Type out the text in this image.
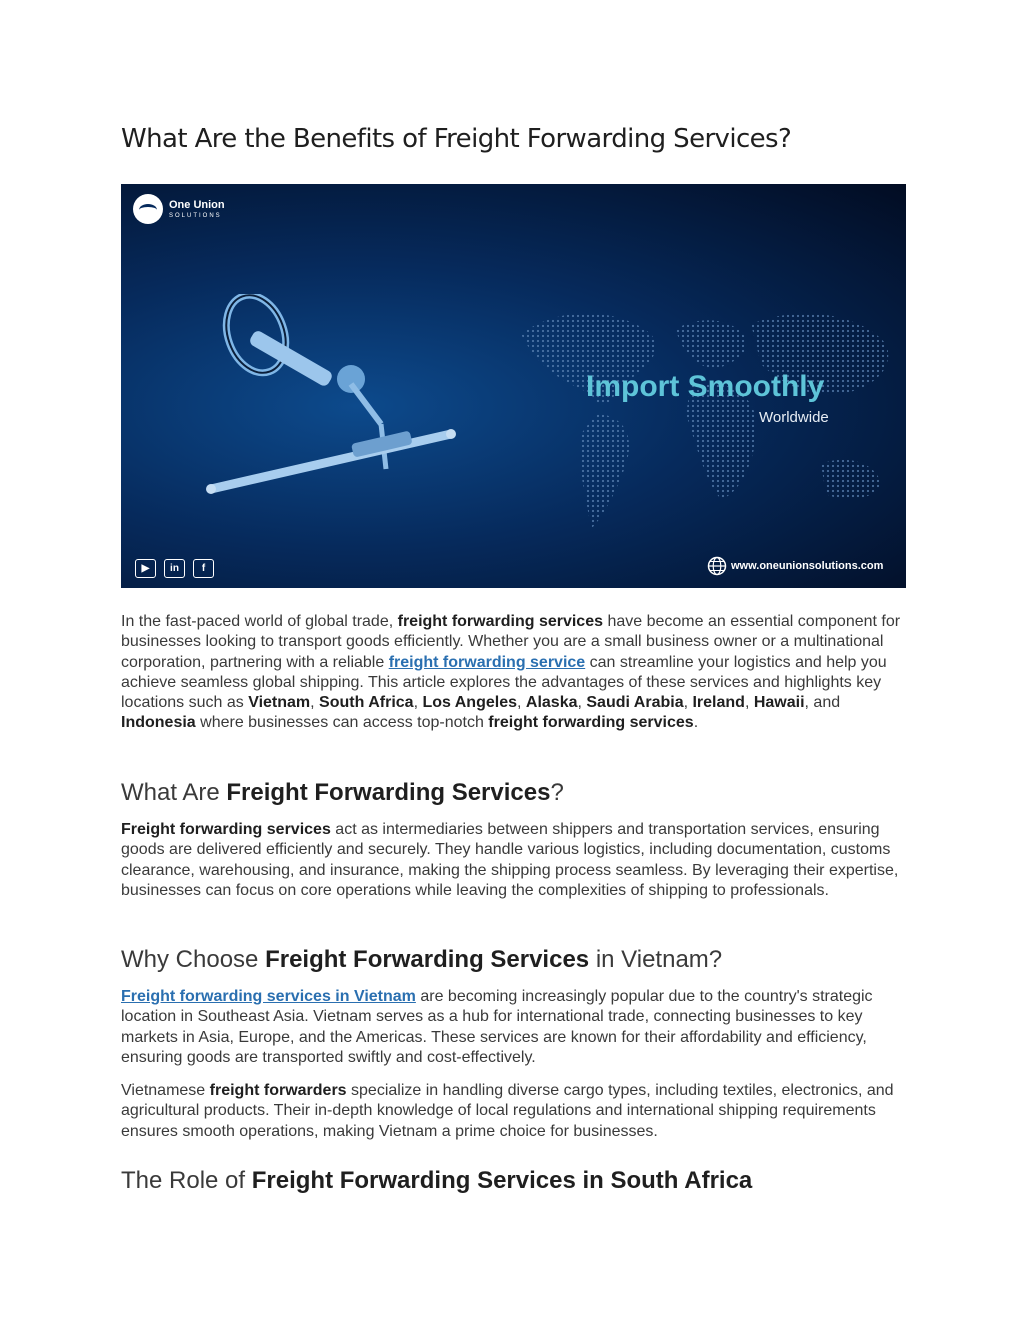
What Are the Benefits of Freight Forwarding Services?
One Union
SOLUTIONS
Import Smoothly
Worldwide
▶	in	f	www.oneunionsolutions.com

In the fast-paced world of global trade, freight forwarding services have become an essential component for businesses looking to transport goods efficiently. Whether you are a small business owner or a multinational corporation, partnering with a reliable freight forwarding service can streamline your logistics and help you achieve seamless global shipping. This article explores the advantages of these services and highlights key locations such as Vietnam, South Africa, Los Angeles, Alaska, Saudi Arabia, Ireland, Hawaii, and Indonesia where businesses can access top-notch freight forwarding services.

What Are Freight Forwarding Services?

Freight forwarding services act as intermediaries between shippers and transportation services, ensuring goods are delivered efficiently and securely. They handle various logistics, including documentation, customs clearance, warehousing, and insurance, making the shipping process seamless. By leveraging their expertise, businesses can focus on core operations while leaving the complexities of shipping to professionals.

Why Choose Freight Forwarding Services in Vietnam?

Freight forwarding services in Vietnam are becoming increasingly popular due to the country's strategic location in Southeast Asia. Vietnam serves as a hub for international trade, connecting businesses to key markets in Asia, Europe, and the Americas. These services are known for their affordability and efficiency, ensuring goods are transported swiftly and cost-effectively.

Vietnamese freight forwarders specialize in handling diverse cargo types, including textiles, electronics, and agricultural products. Their in-depth knowledge of local regulations and international shipping requirements ensures smooth operations, making Vietnam a prime choice for businesses.

The Role of Freight Forwarding Services in South Africa
